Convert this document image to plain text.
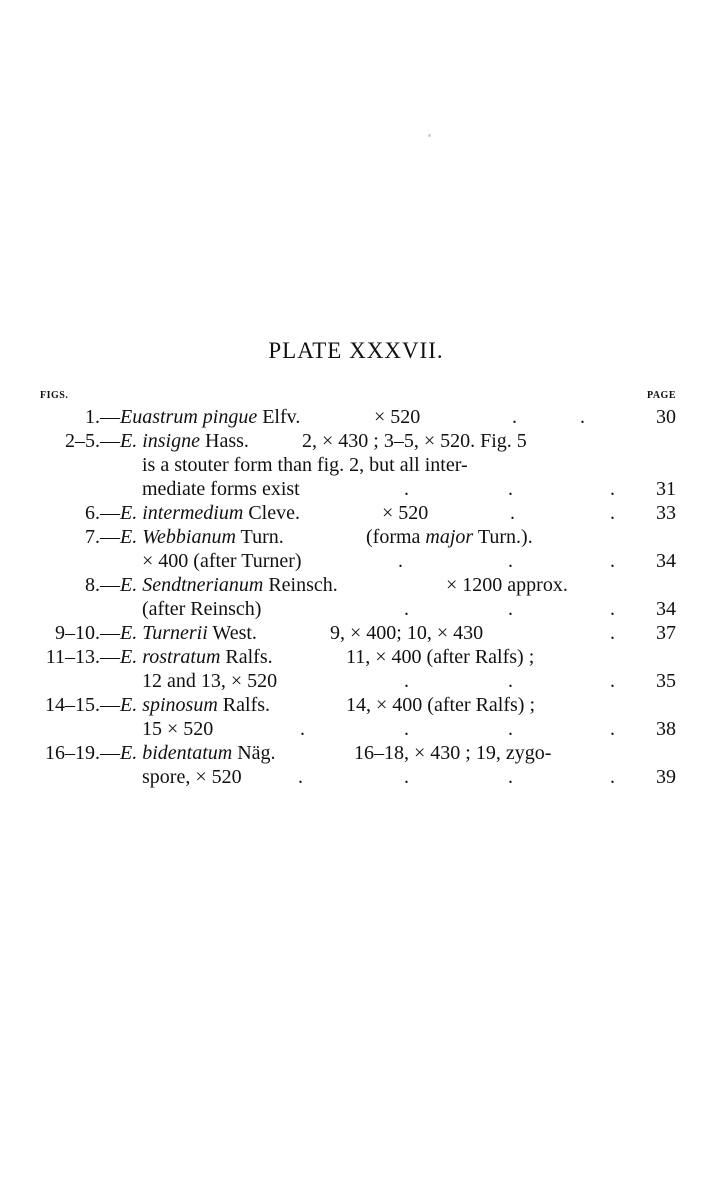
PLATE XXXVII.
FIGS.	PAGE
1.— Euastrum pingue Elfv.	× 520	.	.	30
2–5.— E. insigne Hass.	2, × 430 ; 3–5, × 520. Fig. 5
is a stouter form than fig. 2, but all inter-
mediate forms exist	.	.	. 31
6.— E. intermedium Cleve.	× 520	.	. 33
7.— E. Webbianum Turn.	(forma major Turn.).
× 400 (after Turner)	.	.	. 34
8.— E. Sendtnerianum Reinsch.	× 1200 approx.
(after Reinsch)	.	.	. 34
9–10.— E. Turnerii West.	9, × 400; 10, × 430	. 37
11–13.— E. rostratum Ralfs.	11, × 400 (after Ralfs) ;
12 and 13, × 520	.	.	. 35
14–15.— E. spinosum Ralfs.	14, × 400 (after Ralfs) ;
15 × 520	.	.	.	. 38
16–19.— E. bidentatum Näg.	16–18, × 430 ; 19, zygo-
spore, × 520	.	.	.	. 39
